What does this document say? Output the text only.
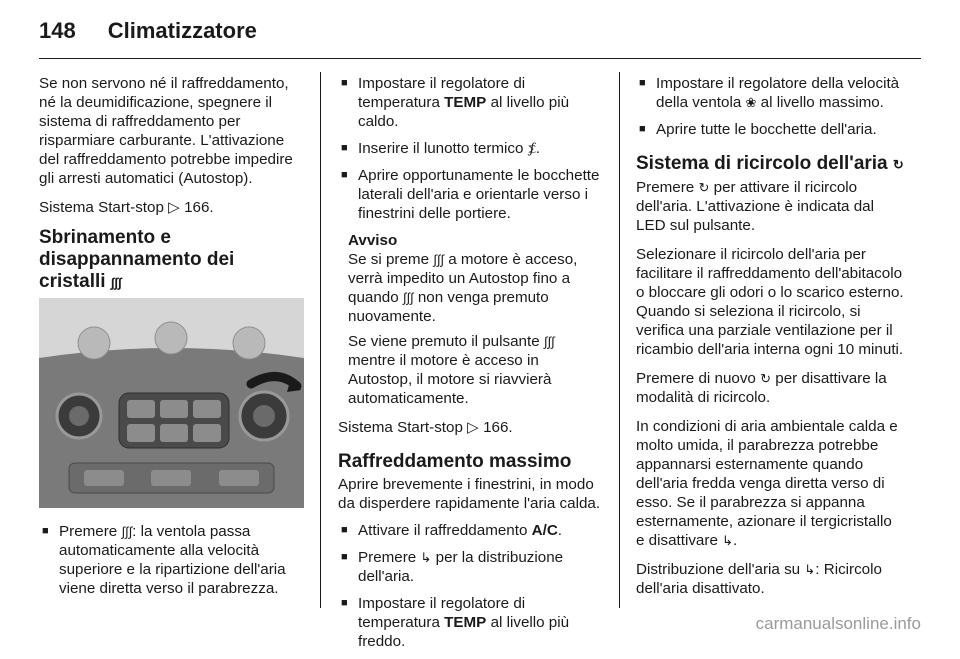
148 Climatizzatore

Se non servono né il raffreddamento, né la deumidificazione, spegnere il sistema di raffreddamento per risparmiare carburante. L'attivazione del raffreddamento potrebbe impedire gli arresti automatici (Autostop).

Sistema Start-stop ▷ 166.

Sbrinamento e disappannamento dei cristalli ∫∫∫
■ Premere ∫∫∫: la ventola passa automaticamente alla velocità superiore e la ripartizione dell'aria viene diretta verso il parabrezza.
■ Impostare il regolatore di temperatura TEMP al livello più caldo.
■ Inserire il lunotto termico ⨋.
■ Aprire opportunamente le bocchette laterali dell'aria e orientarle verso i finestrini delle portiere.

Avviso

Se si preme ∫∫∫ a motore è acceso, verrà impedito un Autostop fino a quando ∫∫∫ non venga premuto nuovamente.

Se viene premuto il pulsante ∫∫∫ mentre il motore è acceso in Autostop, il motore si riavvierà automaticamente.

Sistema Start-stop ▷ 166.

Raffreddamento massimo

Aprire brevemente i finestrini, in modo da disperdere rapidamente l'aria calda.

■ Attivare il raffreddamento A/C.
■ Premere ↳ per la distribuzione dell'aria.
■ Impostare il regolatore di temperatura TEMP al livello più freddo.
■ Impostare il regolatore della velocità della ventola ❀ al livello massimo.
■ Aprire tutte le bocchette dell'aria.
Sistema di ricircolo dell'aria ↻

Premere ↻ per attivare il ricircolo dell'aria. L'attivazione è indicata dal LED sul pulsante.

Selezionare il ricircolo dell'aria per facilitare il raffreddamento dell'abitacolo o bloccare gli odori o lo scarico esterno. Quando si seleziona il ricircolo, si verifica una parziale ventilazione per il ricambio dell'aria interna ogni 10 minuti.

Premere di nuovo ↻ per disattivare la modalità di ricircolo.

In condizioni di aria ambientale calda e molto umida, il parabrezza potrebbe appannarsi esternamente quando dell'aria fredda venga diretta verso di esso. Se il parabrezza si appanna esternamente, azionare il tergicristallo e disattivare ↳.

Distribuzione dell'aria su ↳: Ricircolo dell'aria disattivato.

carmanualsonline.info
